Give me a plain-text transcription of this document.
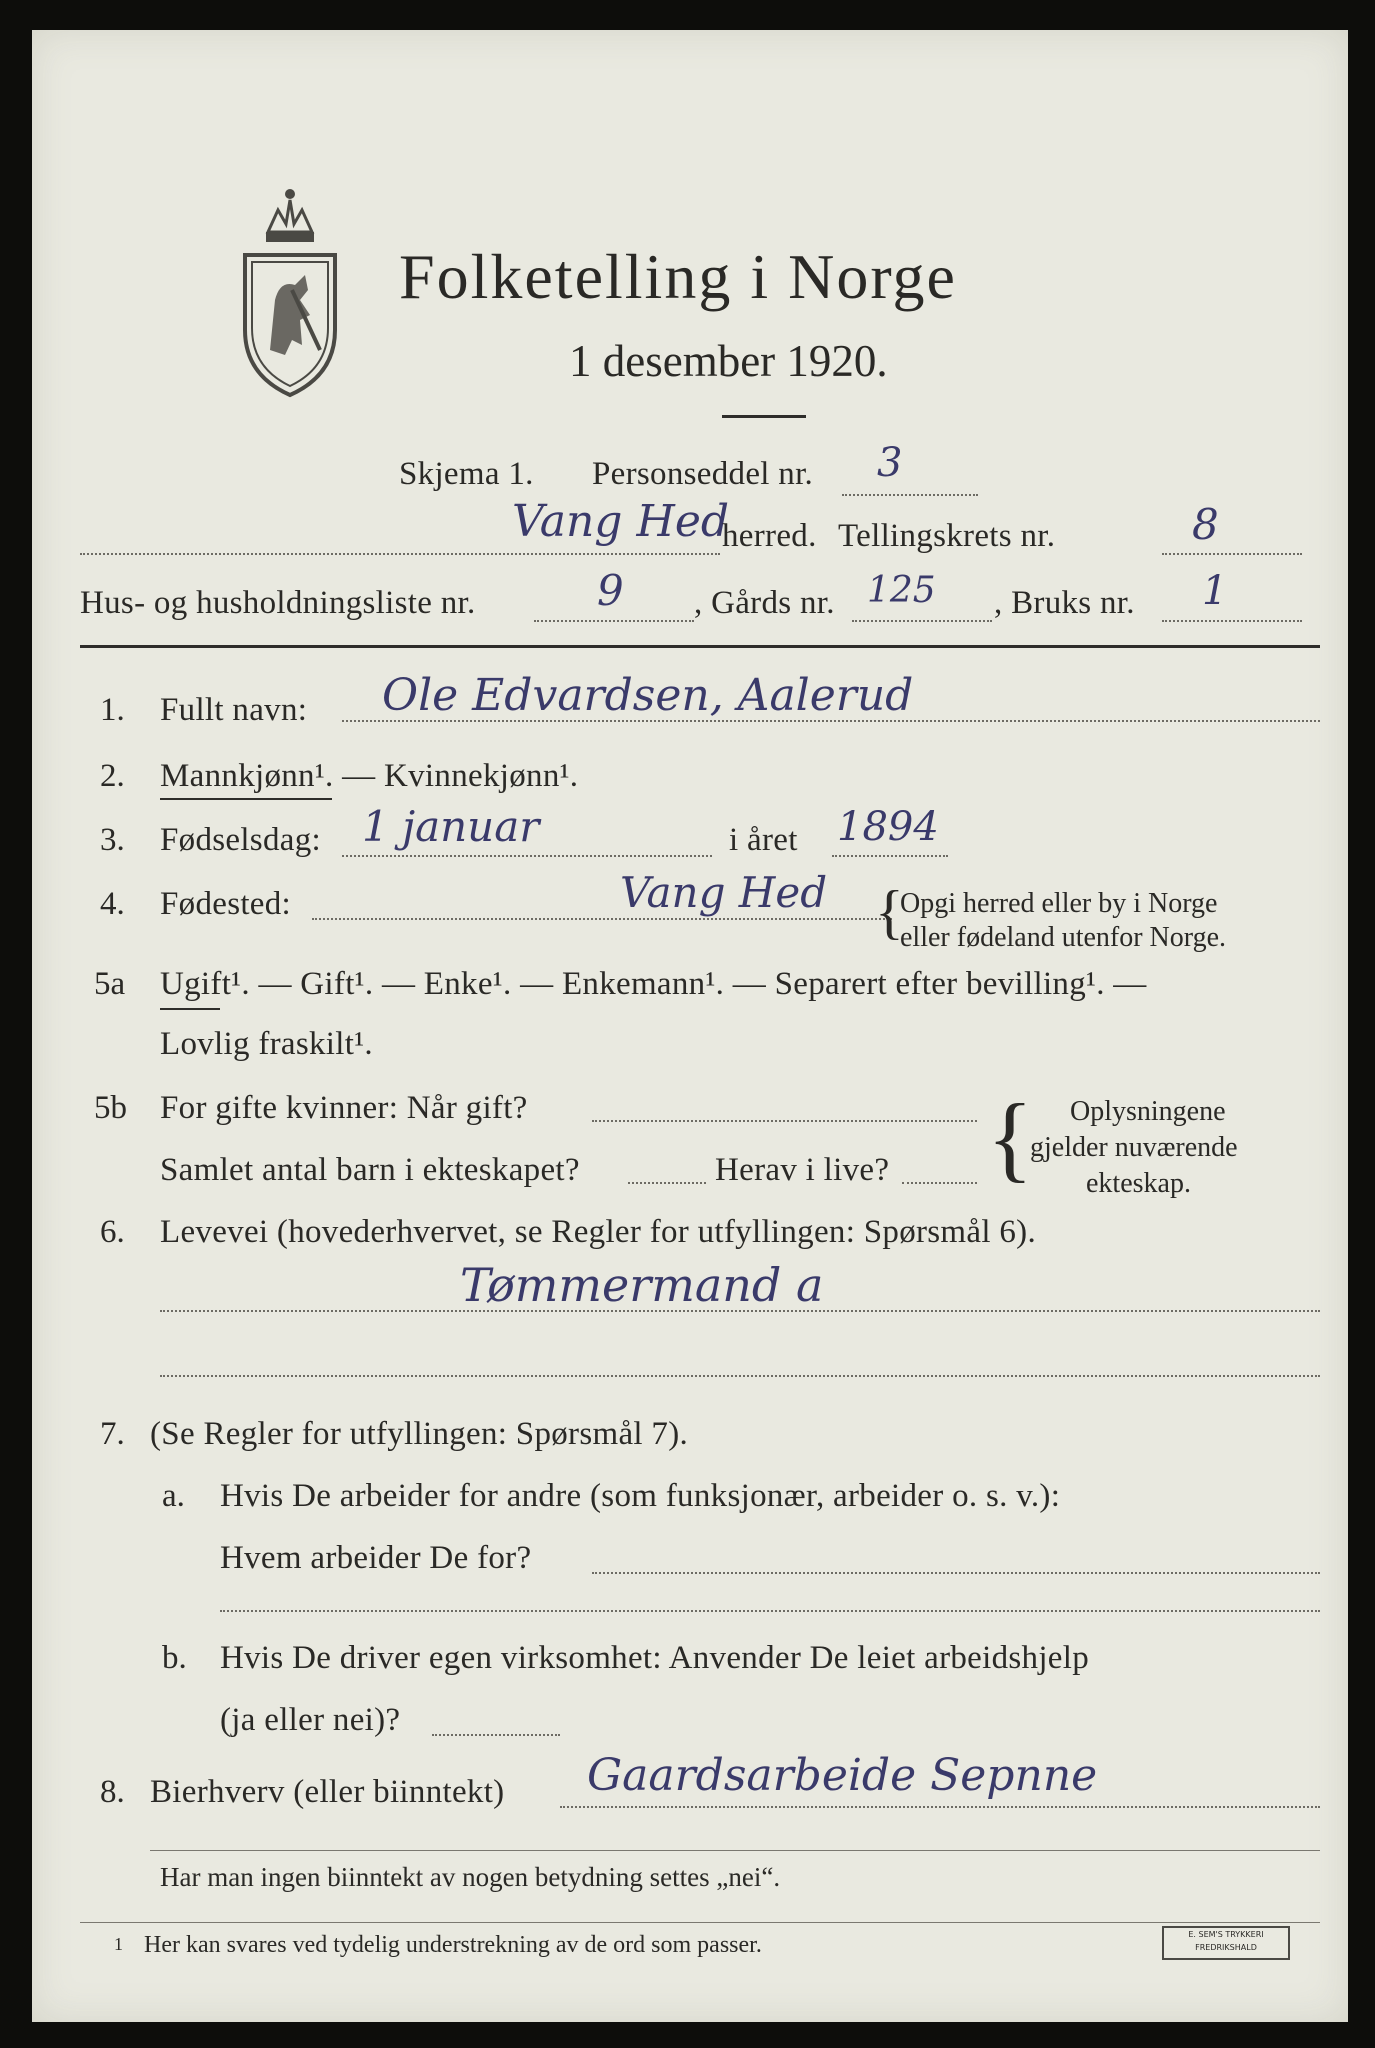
Folketelling i Norge
1 desember 1920.
Skjema 1. Personseddel nr. 3
Vang Hed
herred. Tellingskrets nr.	8
Hus- og husholdningsliste nr.	9 , Gårds nr. 125 , Bruks nr. 1
1. Fullt navn: Ole Edvardsen, Aalerud
2. Mannkjønn¹. — Kvinnekjønn¹.
3. Fødselsdag: 1 januar	i året 1894
4. Fødested:	Vang Hed {
Opgi herred eller by i Norge
eller fødeland utenfor Norge.
5a Ugift¹. — Gift¹. — Enke¹. — Enkemann¹. — Separert efter bevilling¹. —
Lovlig fraskilt¹.
5b For gifte kvinner: Når gift?
Samlet antal barn i ekteskapet?	Herav i live? { Oplysningene
gjelder nuværende
ekteskap.
6. Levevei (hovederhvervet, se Regler for utfyllingen: Spørsmål 6).
Tømmermand a
7. (Se Regler for utfyllingen: Spørsmål 7).
a. Hvis De arbeider for andre (som funksjonær, arbeider o. s. v.):
Hvem arbeider De for?
b. Hvis De driver egen virksomhet: Anvender De leiet arbeidshjelp
(ja eller nei)?
8. Bierhverv (eller biinntekt) Gaardsarbeide Sepnne
Har man ingen biinntekt av nogen betydning settes „nei“.
1 Her kan svares ved tydelig understrekning av de ord som passer.	E. SEM'S TRYKKERI
FREDRIKSHALD
